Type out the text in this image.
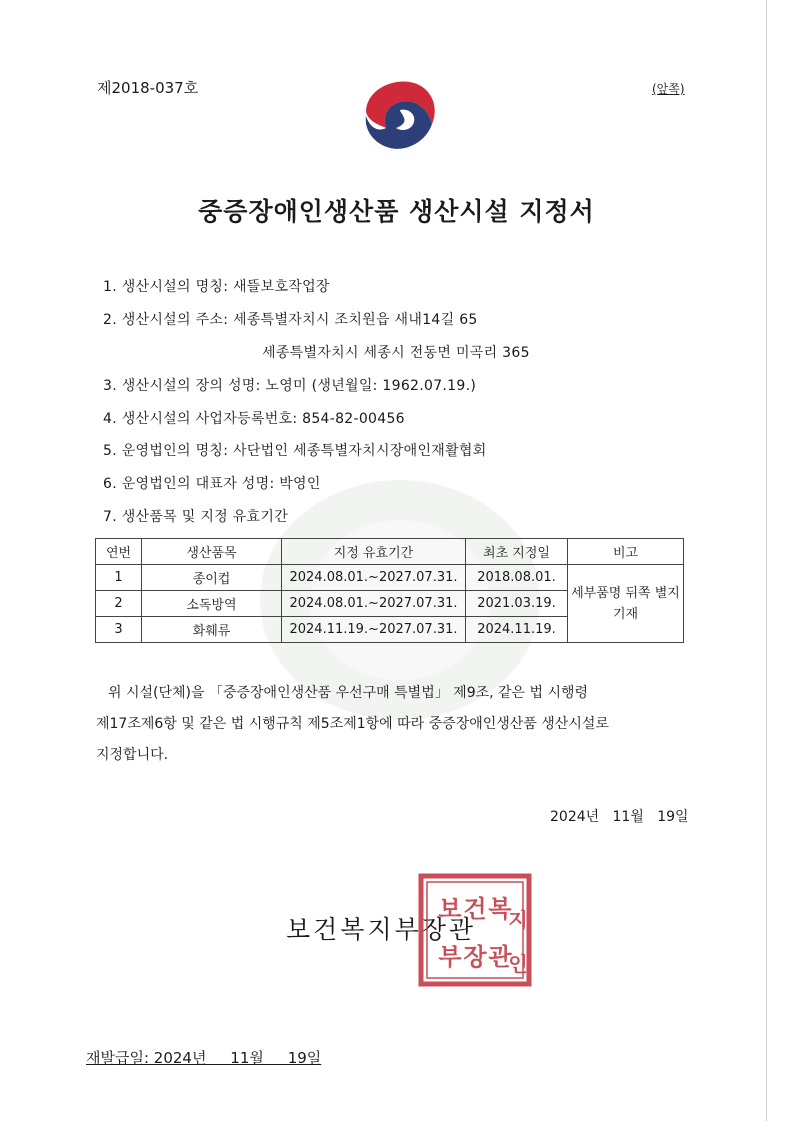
제2018-037호	(앞쪽)
중증장애인생산품 생산시설 지정서
1. 생산시설의 명칭: 새뜰보호작업장
2. 생산시설의 주소: 세종특별자치시 조치원읍 새내14길 65
세종특별자치시 세종시 전동면 미곡리 365
3. 생산시설의 장의 성명: 노영미 (생년월일: 1962.07.19.)
4. 생산시설의 사업자등록번호: 854-82-00456
5. 운영법인의 명칭: 사단법인 세종특별자치시장애인재활협회
6. 운영법인의 대표자 성명: 박영인
7. 생산품목 및 지정 유효기간
연번	생산품목	지정 유효기간	최초 지정일	비고
1	종이컵	2024.08.01.~2027.07.31.	2018.08.01.	세부품명 뒤쪽 별지 기재
2	소독방역	2024.08.01.~2027.07.31.	2021.03.19.	
3	화훼류	2024.11.19.~2027.07.31.	2024.11.19.	
위 시설(단체)을 「중증장애인생산품 우선구매 특별법」 제9조, 같은 법 시행령
제17조제6항 및 같은 법 시행규칙 제5조제1항에 따라 중증장애인생산품 생산시설로
지정합니다.
2024년   11월   19일
보건복지부장관
보 건 복
지
부 장 관
인
재발급일: 2024년     11월     19일
